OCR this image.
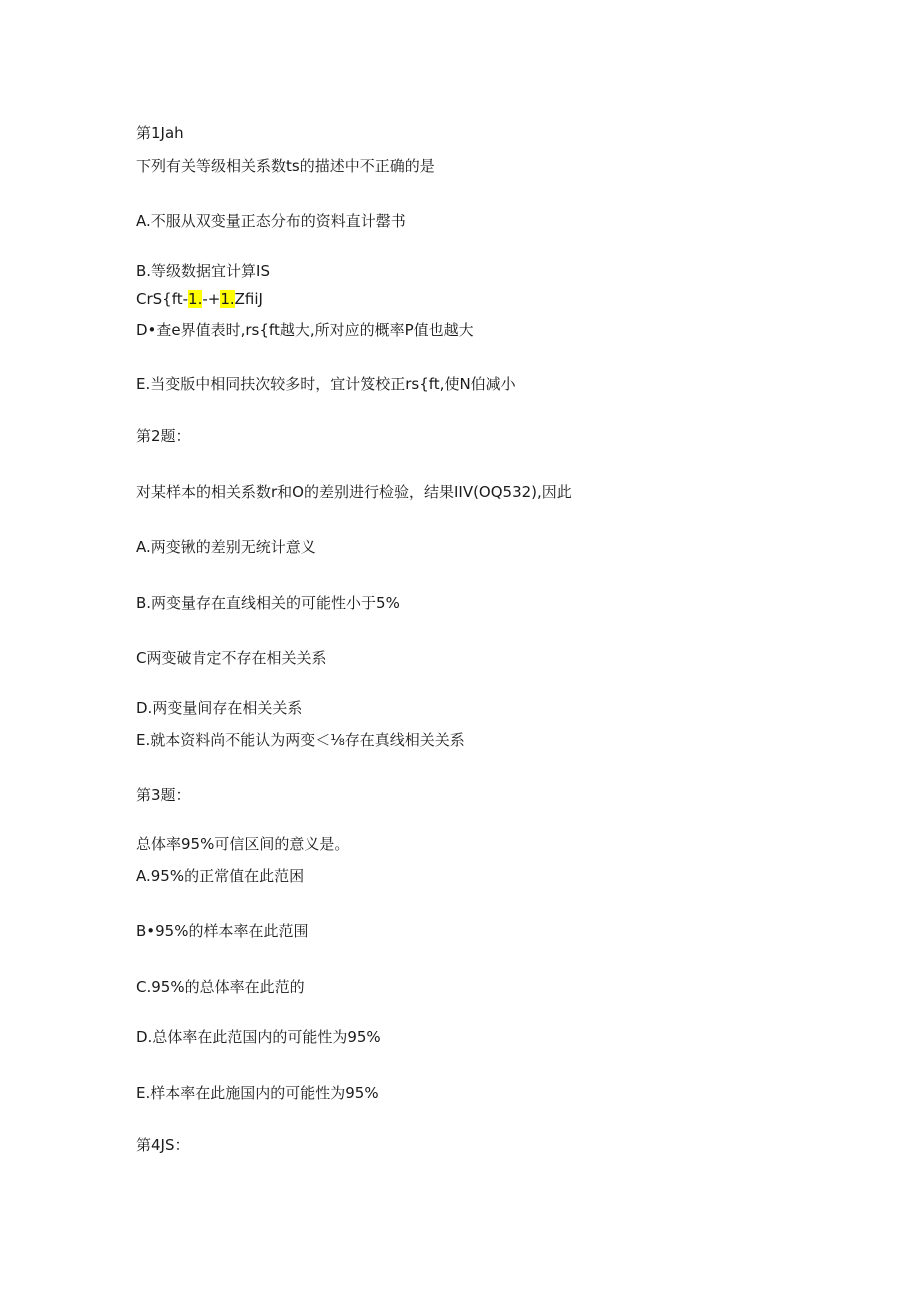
第1Jah
下列有关等级相关系数ts的描述中不正确的是
A.不服从双变量正态分布的资料直计罄书
B.等级数据宜计算IS
CrS{ft-1.-+1.ZfiiJ
D•查e界值表时,rs{ft越大,所对应的概率P值也越大
E.当变版中相同扶次较多时，宜计笈校正rs{ft,使N伯减小
第2题：
对某样本的相关系数r和O的差别进行检验，结果IIV(OQ532),因此
A.两变锹的差别无统计意义
B.两变量存在直线相关的可能性小于5%
C两变破肯定不存在相关关系
D.两变量间存在相关关系
E.就本资料尚不能认为两变＜⅛存在真线相关关系
第3题：
总体率95%可信区间的意义是。
A.95%的正常值在此范困
B•95%的样本率在此范围
C.95%的总体率在此范的
D.总体率在此范国内的可能性为95%
E.样本率在此施国内的可能性为95%
第4JS：
